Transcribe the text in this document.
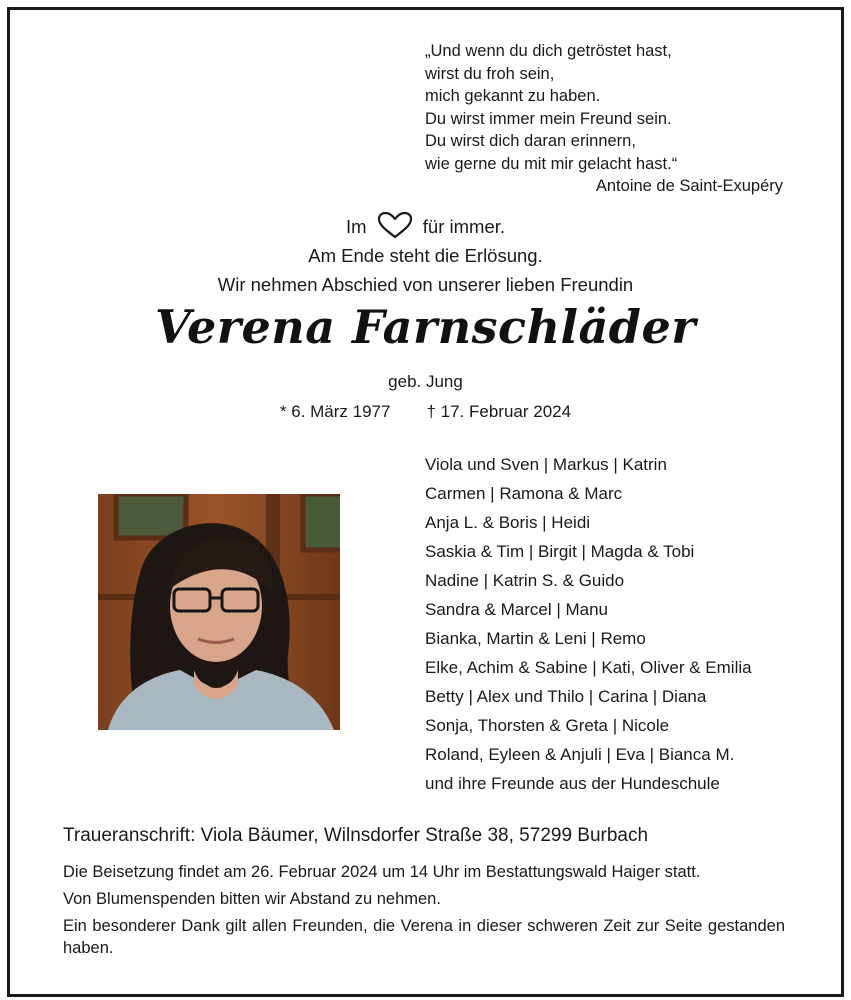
„Und wenn du dich getröstet hast,
wirst du froh sein,
mich gekannt zu haben.
Du wirst immer mein Freund sein.
Du wirst dich daran erinnern,
wie gerne du mit mir gelacht hast.“
Antoine de Saint-Exupéry
Im	für immer.
Am Ende steht die Erlösung.
Wir nehmen Abschied von unserer lieben Freundin
Verena Farnschläder
geb. Jung
* 6. März 1977 † 17. Februar 2024
Viola und Sven | Markus | Katrin
Carmen | Ramona & Marc
Anja L. & Boris | Heidi
Saskia & Tim | Birgit | Magda & Tobi
Nadine | Katrin S. & Guido
Sandra & Marcel | Manu
Bianka, Martin & Leni | Remo
Elke, Achim & Sabine | Kati, Oliver & Emilia
Betty | Alex und Thilo | Carina | Diana
Sonja, Thorsten & Greta | Nicole
Roland, Eyleen & Anjuli | Eva | Bianca M.
und ihre Freunde aus der Hundeschule
Traueranschrift: Viola Bäumer, Wilnsdorfer Straße 38, 57299 Burbach
Die Beisetzung findet am 26. Februar 2024 um 14 Uhr im Bestattungswald Haiger statt.
Von Blumenspenden bitten wir Abstand zu nehmen.
Ein besonderer Dank gilt allen Freunden, die Verena in dieser schweren Zeit zur Seite gestanden haben.
